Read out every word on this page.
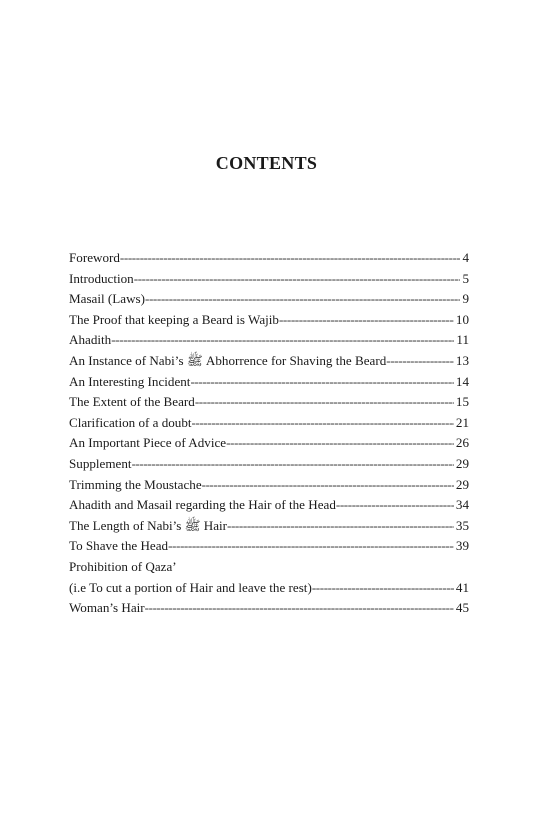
CONTENTS
Foreword -----	4
Introduction -----	5
Masail (Laws) -----	9
The Proof that keeping a Beard is Wajib -----	10
Ahadith -----	11
An Instance of Nabi’s ﷺ Abhorrence for Shaving the Beard -----	13
An Interesting Incident -----	14
The Extent of the Beard -----	15
Clarification of a doubt -----	21
An Important Piece of Advice -----	26
Supplement -----	29
Trimming the Moustache -----	29
Ahadith and Masail regarding the Hair of the Head -----	34
The Length of Nabi’s ﷺ Hair -----	35
To Shave the Head -----	39
Prohibition of Qaza’
(i.e To cut a portion of Hair and leave the rest) -----	41
Woman’s Hair -----	45
